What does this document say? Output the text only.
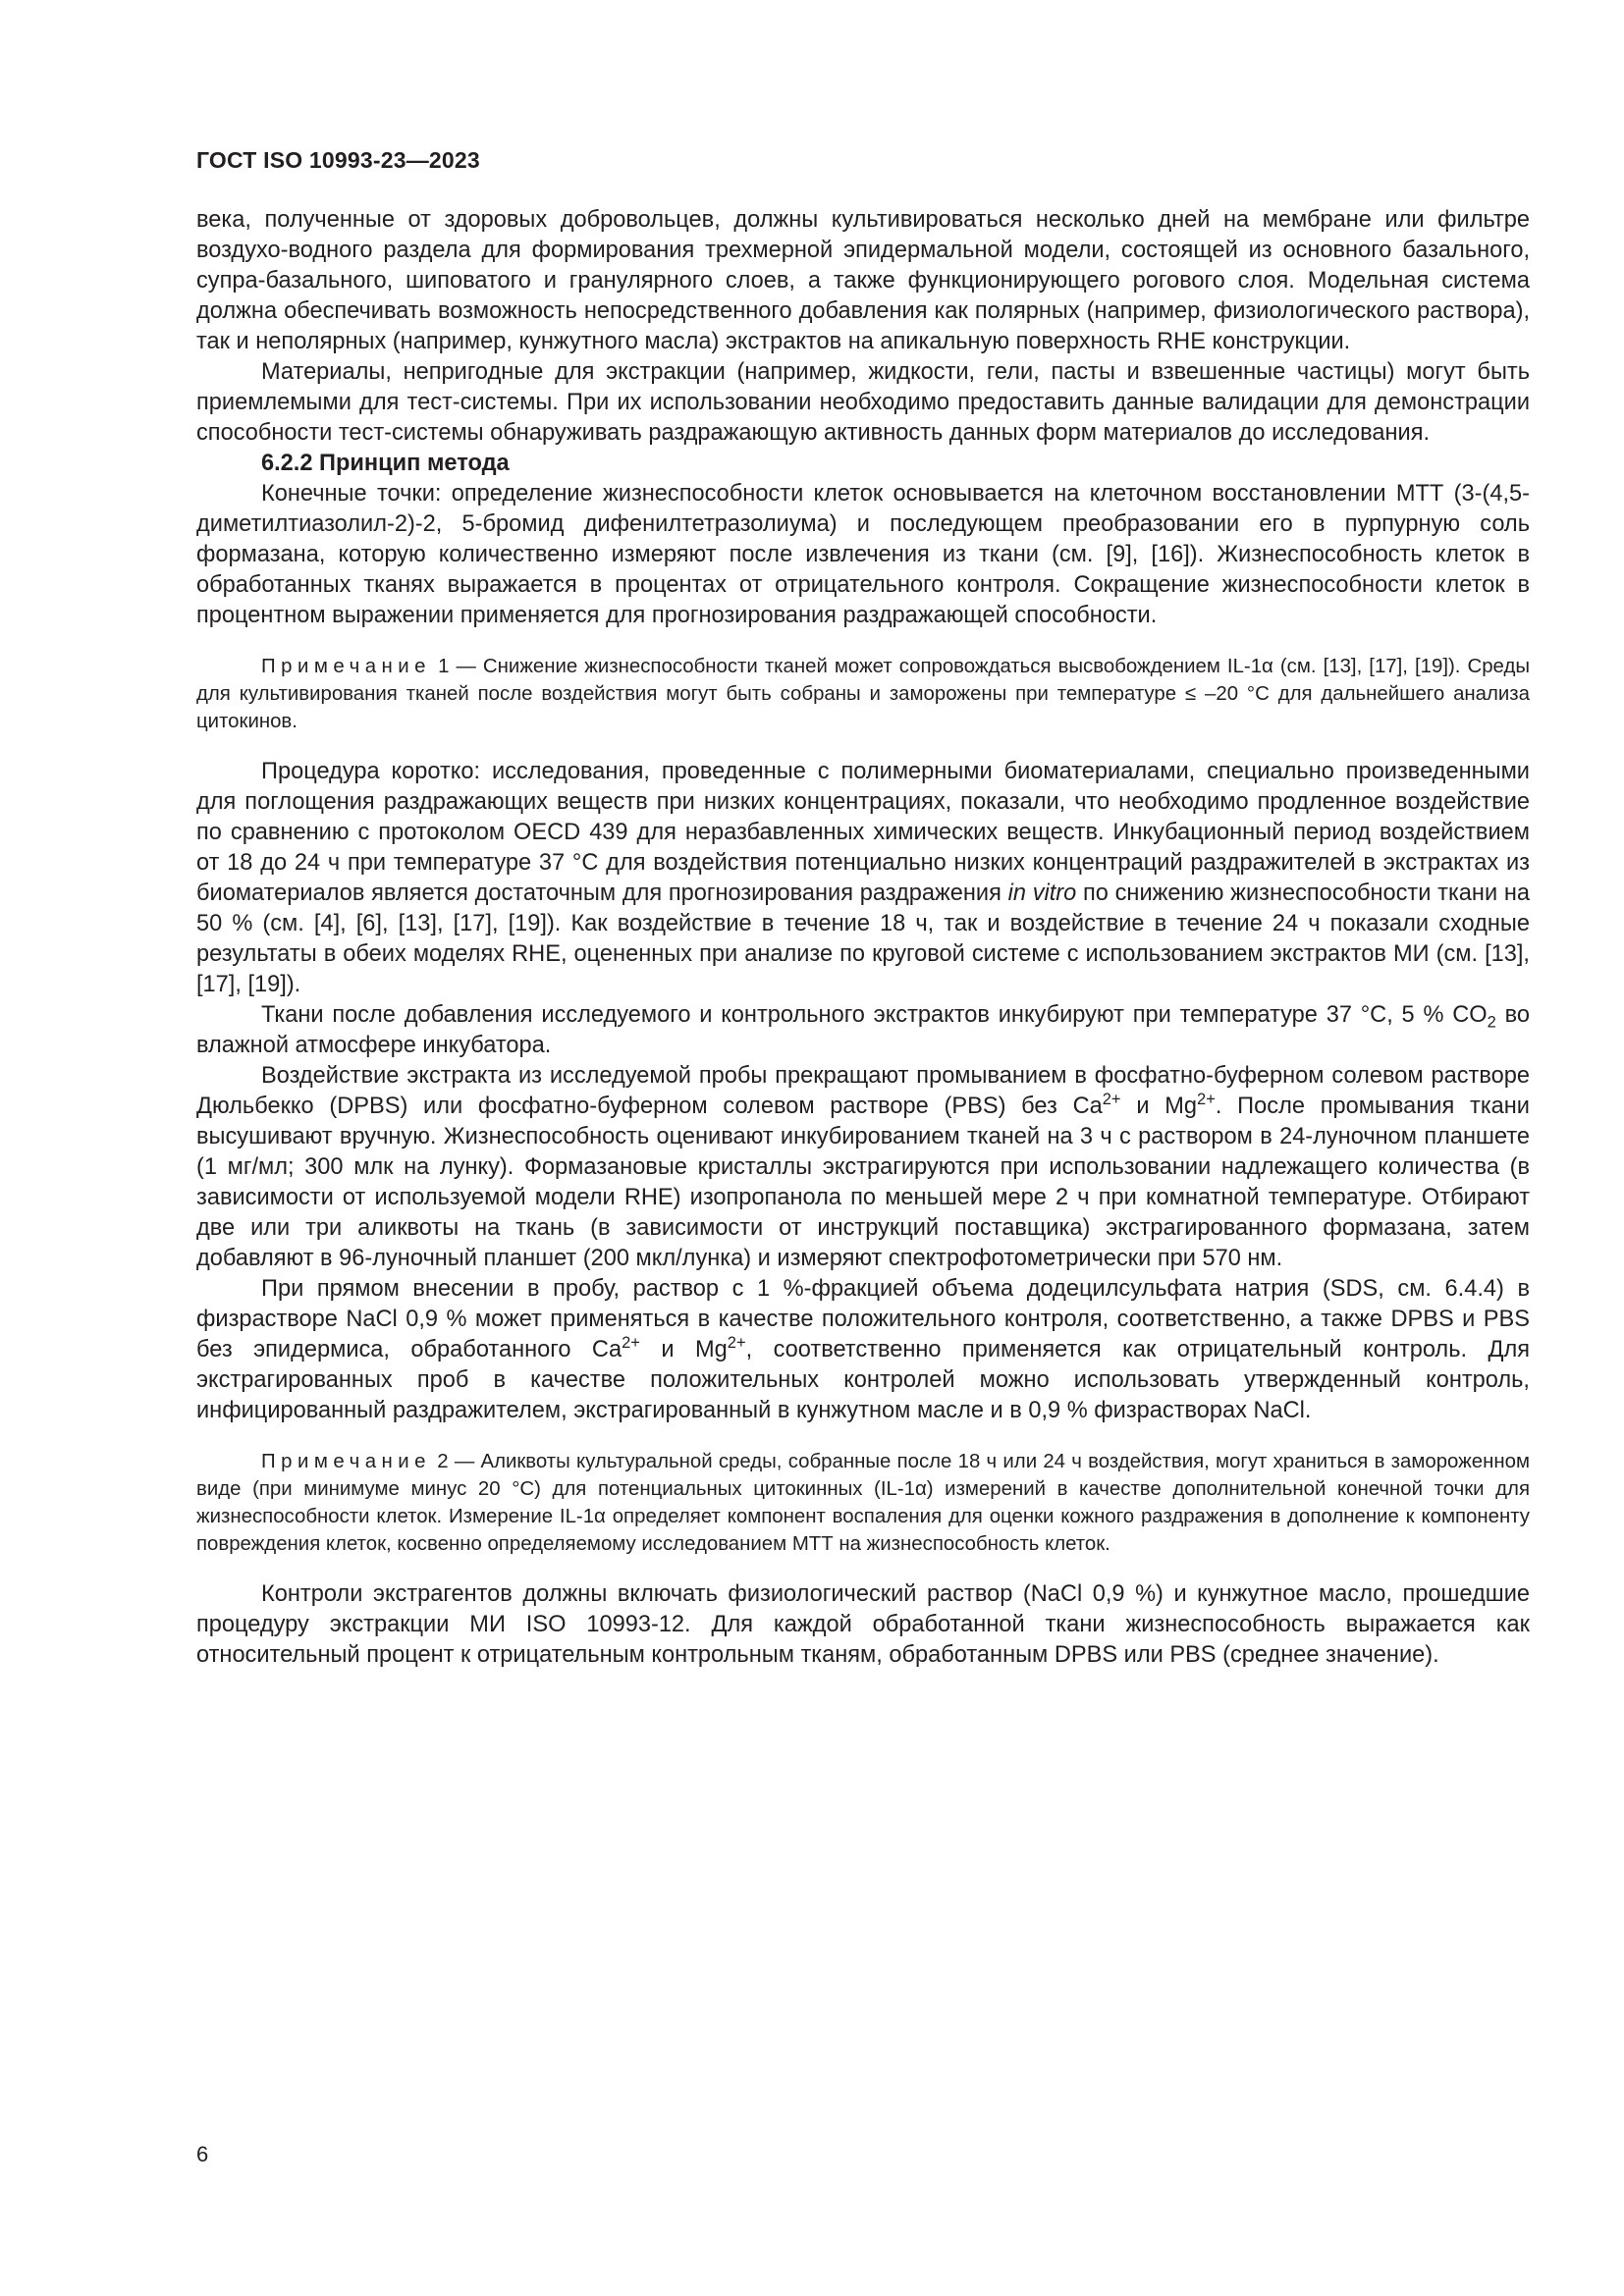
ГОСТ ISO 10993-23—2023

века, полученные от здоровых добровольцев, должны культивироваться несколько дней на мембране или фильтре воздухо-водного раздела для формирования трехмерной эпидермальной модели, состоящей из основного базального, супра-базального, шиповатого и гранулярного слоев, а также функционирующего рогового слоя. Модельная система должна обеспечивать возможность непосредственного добавления как полярных (например, физиологического раствора), так и неполярных (например, кунжутного масла) экстрактов на апикальную поверхность RHE конструкции.

Материалы, непригодные для экстракции (например, жидкости, гели, пасты и взвешенные частицы) могут быть приемлемыми для тест-системы. При их использовании необходимо предоставить данные валидации для демонстрации способности тест-системы обнаруживать раздражающую активность данных форм материалов до исследования.

6.2.2 Принцип метода

Конечные точки: определение жизнеспособности клеток основывается на клеточном восстановлении МТТ (3-(4,5-диметилтиазолил-2)-2, 5-бромид дифенилтетразолиума) и последующем преобразовании его в пурпурную соль формазана, которую количественно измеряют после извлечения из ткани (см. [9], [16]). Жизнеспособность клеток в обработанных тканях выражается в процентах от отрицательного контроля. Сокращение жизнеспособности клеток в процентном выражении применяется для прогнозирования раздражающей способности.

Примечание 1 — Снижение жизнеспособности тканей может сопровождаться высвобождением IL-1α (см. [13], [17], [19]). Среды для культивирования тканей после воздействия могут быть собраны и заморожены при температуре ≤ –20 °С для дальнейшего анализа цитокинов.

Процедура коротко: исследования, проведенные с полимерными биоматериалами, специально произведенными для поглощения раздражающих веществ при низких концентрациях, показали, что необходимо продленное воздействие по сравнению с протоколом OECD 439 для неразбавленных химических веществ. Инкубационный период воздействием от 18 до 24 ч при температуре 37 °С для воздействия потенциально низких концентраций раздражителей в экстрактах из биоматериалов является достаточным для прогнозирования раздражения in vitro по снижению жизнеспособности ткани на 50 % (см. [4], [6], [13], [17], [19]). Как воздействие в течение 18 ч, так и воздействие в течение 24 ч показали сходные результаты в обеих моделях RHE, оцененных при анализе по круговой системе с использованием экстрактов МИ (см. [13], [17], [19]).

Ткани после добавления исследуемого и контрольного экстрактов инкубируют при температуре 37 °С, 5 % $CO_2$ во влажной атмосфере инкубатора.

Воздействие экстракта из исследуемой пробы прекращают промыванием в фосфатно-буферном солевом растворе Дюльбекко (DPBS) или фосфатно-буферном солевом растворе (PBS) без $Ca^{2+}$ и $Mg^{2+}$. После промывания ткани высушивают вручную. Жизнеспособность оценивают инкубированием тканей на 3 ч с раствором в 24-луночном планшете (1 мг/мл; 300 млк на лунку). Формазановые кристаллы экстрагируются при использовании надлежащего количества (в зависимости от используемой модели RHE) изопропанола по меньшей мере 2 ч при комнатной температуре. Отбирают две или три аликвоты на ткань (в зависимости от инструкций поставщика) экстрагированного формазана, затем добавляют в 96-луночный планшет (200 мкл/лунка) и измеряют спектрофотометрически при 570 нм.

При прямом внесении в пробу, раствор с 1 %-фракцией объема додецилсульфата натрия (SDS, см. 6.4.4) в физрастворе NaCl 0,9 % может применяться в качестве положительного контроля, соответственно, а также DPBS и PBS без эпидермиса, обработанного $Ca^{2+}$ и $Mg^{2+}$, соответственно применяется как отрицательный контроль. Для экстрагированных проб в качестве положительных контролей можно использовать утвержденный контроль, инфицированный раздражителем, экстрагированный в кунжутном масле и в 0,9 % физрастворах NaCl.

Примечание 2 — Аликвоты культуральной среды, собранные после 18 ч или 24 ч воздействия, могут храниться в замороженном виде (при минимуме минус 20 °С) для потенциальных цитокинных (IL-1α) измерений в качестве дополнительной конечной точки для жизнеспособности клеток. Измерение IL-1α определяет компонент воспаления для оценки кожного раздражения в дополнение к компоненту повреждения клеток, косвенно определяемому исследованием МТТ на жизнеспособность клеток.

Контроли экстрагентов должны включать физиологический раствор (NaCl 0,9 %) и кунжутное масло, прошедшие процедуру экстракции МИ ISO 10993-12. Для каждой обработанной ткани жизнеспособность выражается как относительный процент к отрицательным контрольным тканям, обработанным DPBS или PBS (среднее значение).

6
